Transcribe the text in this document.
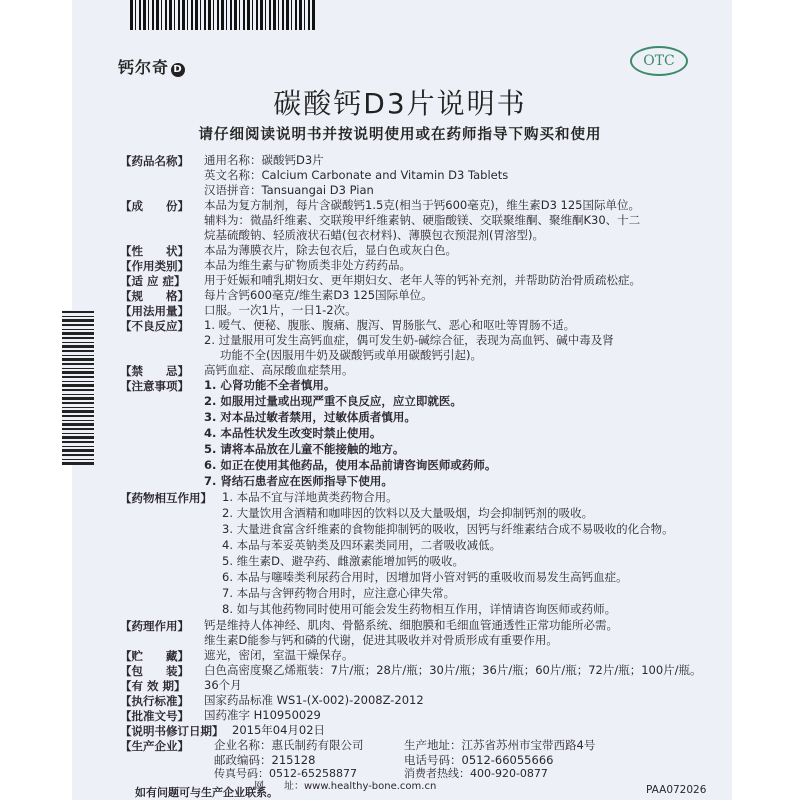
钙尔奇 D
OTC
碳酸钙D3片说明书
请仔细阅读说明书并按说明使用或在药师指导下购买和使用
【药品名称】 通用名称：碳酸钙D3片
英文名称：Calcium Carbonate and Vitamin D3 Tablets
汉语拼音：Tansuangai D3 Pian
【成　　份】 本品为复方制剂，每片含碳酸钙1.5克(相当于钙600毫克)，维生素D3 125国际单位。
辅料为：微晶纤维素、交联羧甲纤维素钠、硬脂酸镁、交联聚维酮、聚维酮K30、十二
烷基硫酸钠、轻质液状石蜡(包衣材料)、薄膜包衣预混剂(胃溶型)。
【性　　状】 本品为薄膜衣片，除去包衣后，显白色或灰白色。
【作用类别】 本品为维生素与矿物质类非处方药药品。
【适 应 症】 用于妊娠和哺乳期妇女、更年期妇女、老年人等的钙补充剂，并帮助防治骨质疏松症。
【规　　格】 每片含钙600毫克/维生素D3 125国际单位。
【用法用量】 口服。一次1片，一日1-2次。
【不良反应】 1. 嗳气、便秘、腹胀、腹痛、腹泻、胃肠胀气、恶心和呕吐等胃肠不适。
2. 过量服用可发生高钙血症，偶可发生奶-碱综合征，表现为高血钙、碱中毒及肾
功能不全(因服用牛奶及碳酸钙或单用碳酸钙引起)。
【禁　　忌】 高钙血症、高尿酸血症禁用。
【注意事项】 1. 心肾功能不全者慎用。
2. 如服用过量或出现严重不良反应，应立即就医。
3. 对本品过敏者禁用，过敏体质者慎用。
4. 本品性状发生改变时禁止使用。
5. 请将本品放在儿童不能接触的地方。
6. 如正在使用其他药品，使用本品前请咨询医师或药师。
7. 肾结石患者应在医师指导下使用。
【药物相互作用】 1. 本品不宜与洋地黄类药物合用。
2. 大量饮用含酒精和咖啡因的饮料以及大量吸烟，均会抑制钙剂的吸收。
3. 大量进食富含纤维素的食物能抑制钙的吸收，因钙与纤维素结合成不易吸收的化合物。
4. 本品与苯妥英钠类及四环素类同用，二者吸收减低。
5. 维生素D、避孕药、雌激素能增加钙的吸收。
6. 本品与噻嗪类利尿药合用时，因增加肾小管对钙的重吸收而易发生高钙血症。
7. 本品与含钾药物合用时，应注意心律失常。
8. 如与其他药物同时使用可能会发生药物相互作用，详情请咨询医师或药师。
【药理作用】 钙是维持人体神经、肌肉、骨骼系统、细胞膜和毛细血管通透性正常功能所必需。
维生素D能参与钙和磷的代谢，促进其吸收并对骨质形成有重要作用。
【贮　　藏】 遮光，密闭，室温干燥保存。
【包　　装】 白色高密度聚乙烯瓶装：7片/瓶；28片/瓶；30片/瓶；36片/瓶；60片/瓶；72片/瓶；100片/瓶。
【有 效 期】 36个月
【执行标准】 国家药品标准 WS1-(X-002)-2008Z-2012
【批准文号】 国药准字 H10950029
【说明书修订日期】 2015年04月02日
【生产企业】 企业名称：惠氏制药有限公司	生产地址：江苏省苏州市宝带西路4号
邮政编码：215128	电话号码：0512-66055666
传真号码：0512-65258877	消费者热线：400-920-0877
网　　址：www.healthy-bone.com.cn
如有问题可与生产企业联系。	PAA072026
